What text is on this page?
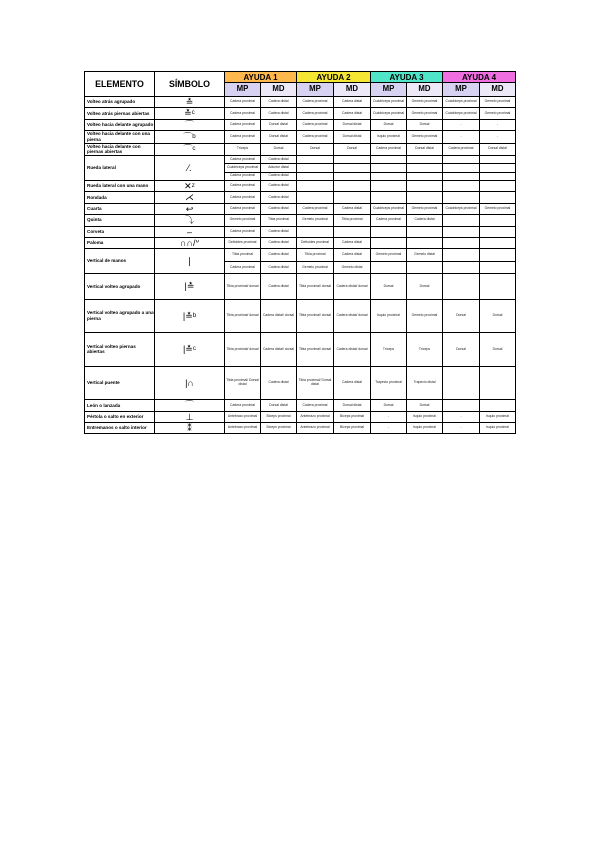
ELEMENTO	SÍMBOLO	AYUDA 1		AYUDA 2		AYUDA 3		AYUDA 4	
		MP	MD	MP	MD	MP	MD	MP	MD
Volteo atrás agrupado	≛	Cadera proximal	Cadera distal	Cadera proximal	Cadera distal	Cuádriceps proximal	Gemelo proximal	Cuádriceps proximal	Gemelo proximal
Volteo atrás piernas abiertas	≛ᶜ	Cadera proximal	Cadera distal	Cadera proximal	Cadera distal	Cuádriceps proximal	Gemelo proximal	Cuádriceps proximal	Gemelo proximal
Volteo hacia delante agrupado	⌒	Cadera proximal	Dorsal distal	Cadera proximal	Dorsal distal	Dorsal	Dorsal	-	-
Volteo hacia delante con una pierna	⌒ᵇ	Cadera proximal	Dorsal distal	Cadera proximal	Dorsal distal	Isquio proximal	Gemelo proximal	-	-
Volteo hacia delante con piernas abiertas	⌒ᶜ	Tríceps	Dorsal	Dorsal	Dorsal	Cadera proximal	Dorsal distal	Cadera proximal	Dorsal distal
Rueda lateral	⁄.	Cadera proximal	Cadera distal						
		Cuádriceps proximal	Aductor distal						
		Cadera proximal	Cadera distal						
Rueda lateral con una mano	✕ᶻ	Cadera proximal	Cadera distal						
Rondada	⋌	Cadera proximal	Cadera distal						
Cuarta	↩	Cadera proximal	Cadera distal	Cadera proximal	Cadera distal	Cuádriceps proximal	Gemelo proximal	Cuádriceps proximal	Gemelo proximal
Quinta	⤵	Gemelo proximal	Tibia proximal	Gemelo proximal	Tibia proximal	Cadera proximal	Cadera distal		
Corveta	‒	Cadera proximal	Cadera distal						
Paloma	∩∩/ᐡ	Deltoides proximal	Cadera distal	Deltoides proximal	Cadera distal				
Vertical de manos	❘	Tibia proximal	Cadera distal	Tibia proximal	Cadera distal	Gemelo proximal	Gemelo distal		
		Cadera proximal	Cadera distal	Gemelo proximal	Gemelo distal				
Vertical volteo agrupado	|≛	Tibia proximal/ dorsal	Cadera distal	Tibia proximal/ dorsal	Cadera distal/ dorsal	Dorsal	Dorsal		
Vertical volteo agrupado a una pierna	|≛ᵇ	Tibia proximal/ dorsal	Cadera distal/ dorsal	Tibia proximal/ dorsal	Cadera distal/ dorsal	Isquio proximal	Gemelo proximal	Dorsal	Dorsal
Vertical volteo piernas abiertas	|≛ᶜ	Tibia proximal/ dorsal	Cadera distal/ dorsal	Tibia proximal/ dorsal	Cadera distal/ dorsal	Tríceps	Tríceps	Dorsal	Dorsal
Vertical puente	|∩	Tibia proximal/ Dorsal distal	Cadera distal	Tibia proximal/ Dorsal distal	Cadera distal	Trapecio proximal	Trapecio distal		
León o lanzada	⌒	Cadera proximal	Dorsal distal	Cadera proximal	Dorsal distal	Dorsal	Dorsal		
Pértola o salto en exterior	⊥	Antebrazo proximal	Bíceps proximal	Antebrazo proximal	Bíceps proximal	-	Isquio proximal	-	Isquio proximal
Entremanos o salto interior	⁑	Antebrazo proximal	Bíceps proximal	Antebrazo proximal	Bíceps proximal	-	Isquio proximal	-	Isquio proximal
